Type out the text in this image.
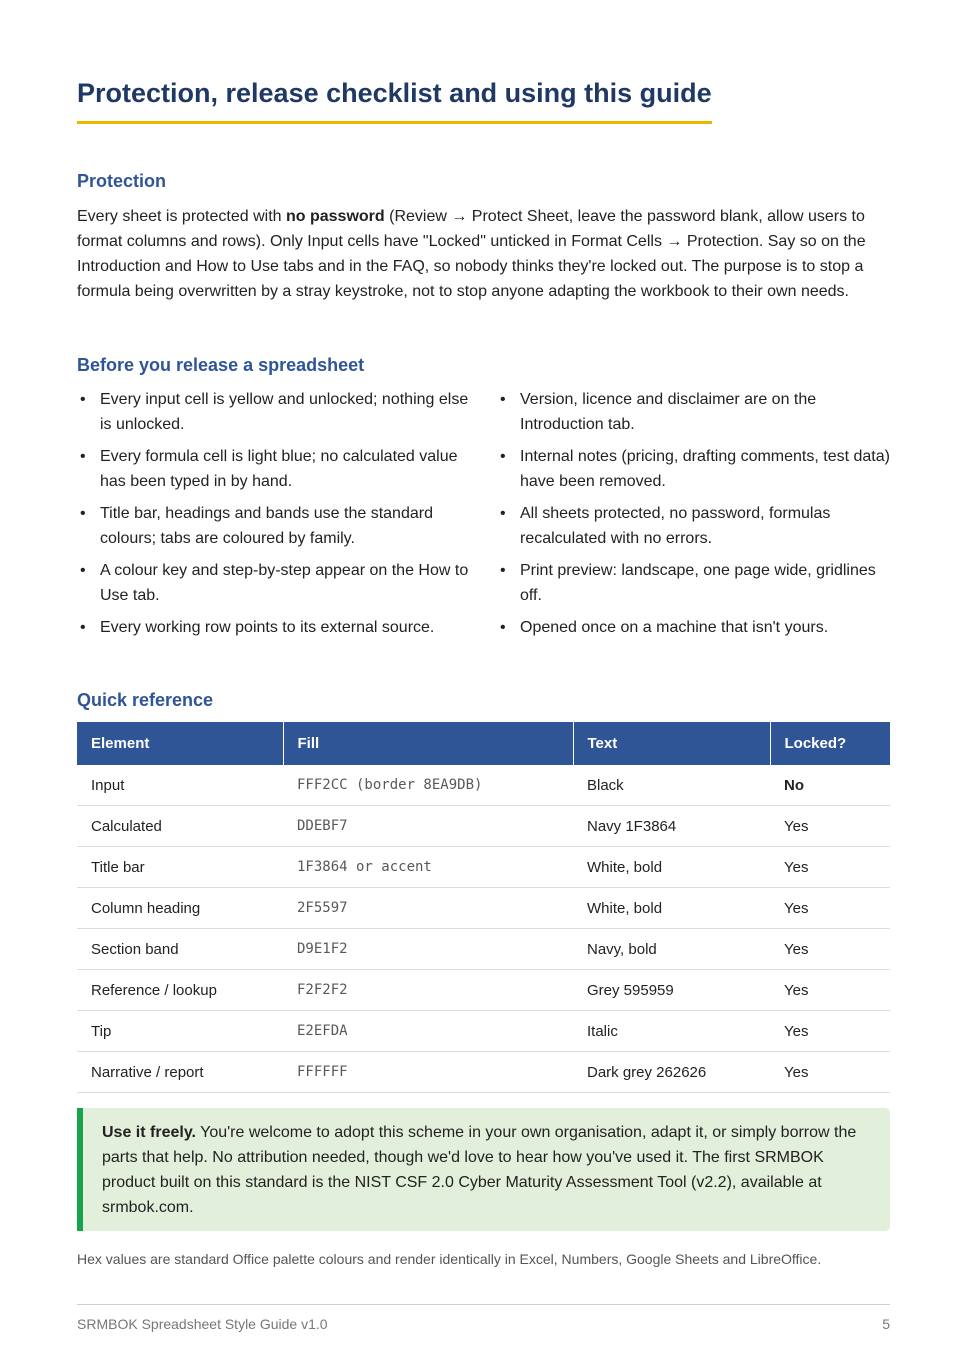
Protection, release checklist and using this guide
Protection

Every sheet is protected with no password (Review → Protect Sheet, leave the password blank, allow users to format columns and rows). Only Input cells have "Locked" unticked in Format Cells → Protection. Say so on the Introduction and How to Use tabs and in the FAQ, so nobody thinks they're locked out. The purpose is to stop a formula being overwritten by a stray keystroke, not to stop anyone adapting the workbook to their own needs.

Before you release a spreadsheet
• Every input cell is yellow and unlocked; nothing else is unlocked.
• Every formula cell is light blue; no calculated value has been typed in by hand.
• Title bar, headings and bands use the standard colours; tabs are coloured by family.
• A colour key and step-by-step appear on the How to Use tab.
• Every working row points to its external source.
• Version, licence and disclaimer are on the Introduction tab.
• Internal notes (pricing, drafting comments, test data) have been removed.
• All sheets protected, no password, formulas recalculated with no errors.
• Print preview: landscape, one page wide, gridlines off.
• Opened once on a machine that isn't yours.
Quick reference
Element	Fill	Text	Locked?
Input	FFF2CC (border 8EA9DB)	Black	No
Calculated	DDEBF7	Navy 1F3864	Yes
Title bar	1F3864 or accent	White, bold	Yes
Column heading	2F5597	White, bold	Yes
Section band	D9E1F2	Navy, bold	Yes
Reference / lookup	F2F2F2	Grey 595959	Yes
Tip	E2EFDA	Italic	Yes
Narrative / report	FFFFFF	Dark grey 262626	Yes
Use it freely. You're welcome to adopt this scheme in your own organisation, adapt it, or simply borrow the parts that help. No attribution needed, though we'd love to hear how you've used it. The first SRMBOK product built on this standard is the NIST CSF 2.0 Cyber Maturity Assessment Tool (v2.2), available at srmbok.com.
Hex values are standard Office palette colours and render identically in Excel, Numbers, Google Sheets and LibreOffice.
SRMBOK Spreadsheet Style Guide v1.0	5
